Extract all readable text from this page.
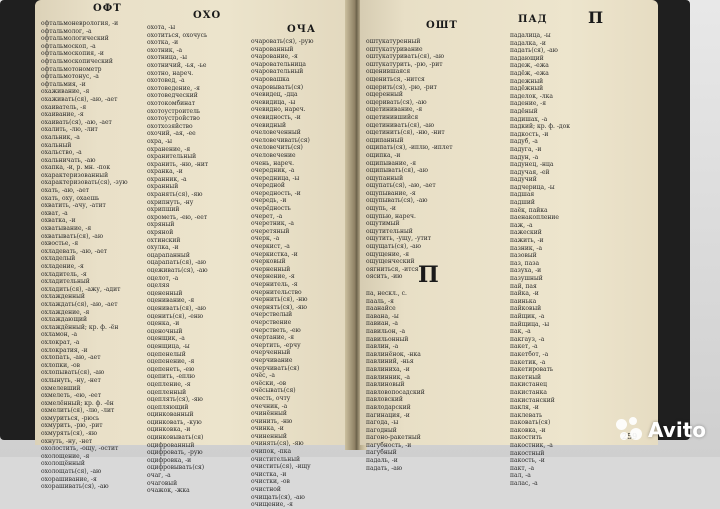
ОФТ
ОХО
ОЧА
офтальмоневрология, -и
офтальмолог, -а
офтальмологический
офтальмоскоп, -а
офтальмоскопия, -и
офтальмоскопический
офтальмотонометр
офтальмотонус, -а
офтальмия, -и
охаживание, -я
охаживать(ся), -аю, -ает
охаиватель, -я
охаивание, -я
охаивать(ся), -аю, -ает
охалить, -лю, -лит
охальник, -а
охальный
охальство, -а
охальничать, -аю
охапка, -и, р. мн. -пок
охарактеризованный
охарактеризовать(ся), -зую
охать, -аю, -ает
охать, оху, охаешь
охватить, -ачу, -атит
охват, -а
охватка, -и
охватывание, -я
охватывать(ся), -аю
охвостье, -я
охладевать, -аю, -ает
охладелый
охладение, -я
охладитель, -я
охладительный
охладить(ся), -ажу, -адит
охлажденный
охлаждать(ся), -аю, -ает
охлаждение, -я
охлаждающий
охлаждённый; кр. ф. -ён
охламон, -а
охлократ, -а
охлократия, -и
охлопать, -аю, -ает
охлопки, -ов
охлопывать(ся), -аю
охлынуть, -ну, -нет
охмелевший
охмелеть, -ею, -еет
охмелённый; кр. ф. -ён
охмелить(ся), -лю, -лит
охмуриться, -рюсь
охмурить, -рю, -рит
охмурять(ся), -яю
охнуть, -ну, -нет
охолостить, -ощу, -остит
охолощение, -я
охолощённый
охолощать(ся), -аю
охорашивание, -я
охорашивать(ся), -аю
охота, -ы
охотиться, охочусь
охотка, -и
охотник, -а
охотница, -ы
охотничий, -ья, -ье
охотно, нареч.
охотовед, -а
охотоведение, -я
охотоведческий
охотокомбинат
охотоустроитель
охотоустройство
охотхозяйство
охочий, -ая, -ее
охра, -ы
охранение, -я
охранительный
охранить, -ню, -нит
охранка, -и
охранник, -а
охранный
охранять(ся), -яю
охрипнуть, -ну
охрипший
охрометь, -ею, -еет
охряный
охряной
охтинский
охулка, -и
оцарапанный
оцарапать(ся), -аю
оцеживать(ся), -аю
оцелот, -а
оцеляя
оцененный
оценивание, -я
оценивать(ся), -аю
оценить(ся), -еню
оценка, -и
оценочный
оценщик, -а
оценщица, -ы
оцепенелый
оцепенение, -я
оцепенеть, -ею
оцепить, -еплю
оцепление, -я
оцепленный
оцеплять(ся), -яю
оцепляющий
оцинкованный
оцинковать, -кую
оцинковка, -и
оцинковывать(ся)
оцифрованный
оцифровать, -рую
оцифровка, -и
оцифровывать(ся)
очаг, -а
очаговый
очажок, -жка
очаровать(ся), -рую
очарованный
очарование, -я
очаровательница
очаровательный
очаровашка
очаровывать(ся)
очевидец, -дца
очевидица, -ы
очевидно, нареч.
очевидность, -и
очевидный
очеловеченный
очеловечивать(ся)
очеловечить(ся)
очеловечение
очень, нареч.
очередник, -а
очередница, -ы
очередной
очередность, -и
очередь, -и
очерёдность
очерет, -а
очеретник, -а
очеретяный
очерк, -а
очеркист, -а
очеркистка, -и
очерковый
очерненный
очернение, -я
очернитель, -я
очернительство
очернить(ся), -ню
очернять(ся), -яю
очерствелый
очерствение
очерстветь, -ею
очертание, -я
очертить, -ерчу
очерченный
очерчивание
очерчивать(ся)
очёс, -а
очёски, -ов
очёсывать(ся)
очесть, очту
очечник, -а
очинённый
очинить, -ню
очинка, -и
очиненный
очинять(ся), -яю
очипок, -пка
очистительный
очистить(ся), -ищу
очистка, -и
очистки, -ов
очистной
очищать(ся), -аю
очищение, -я
ОШТ
ПАД	П
оштукатуренный
оштукатуривание
оштукатуривать(ся), -аю
оштукатурить, -рю, -рит
ощенившаяся
ощениться, -нится
ощерить(ся), -рю, -рит
ощеренный
ощеривать(ся), -аю
ощетинивание, -я
ощетинившийся
ощетинивать(ся), -аю
ощетинить(ся), -ню, -нит
ощипанный
ощипать(ся), -иплю, -иплет
ощипка, -и
ощипывание, -я
ощипывать(ся), -аю
ощупанный
ощупать(ся), -аю, -ает
ощупывание, -я
ощупывать(ся), -аю
ощупь, -и
ощупью, нареч.
ощутимый
ощутительный
ощутить, -ущу, -утит
ощущать(ся), -аю
ощущение, -я
ощущенческий
оягниться, -ится
оясить, -ию

П
па, нескл., с.
пааль, -я
паанайсе
павана, -ы
павиан, -а
павильон, -а
павильонный
павлин, -а
павлинёнок, -нка
павлиний, -нья
павлиниха, -и
павлинник, -а
павлиновый
павловопосадский
павловский
павлодарский
пагинация, -и
пагода, -ы
пагодный
пагоно-ракетный
пагубность, -и
пагубный
падаль, -и
падать, -аю
падалица, -ы
падалка, -и
падать(ся), -аю
падающий
падеж, -ежа
падёж, -ежа
падежный
падёжный
паделок, -лка
падение, -я
падёный
падишах, -а
падкий; кр. ф. -док
падкость, -и
падуб, -а
падуга, -и
падун, -а
падунец, -нца
падучая, -ей
падучий
падчерица, -ы
падшая
падший
паёк, пайка
паенакопление
паж, -а
пажеский
пажить, -и
пазник, -а
пазовый
паз, паза
пазуха, -и
пазушный
пай, пая
пайка, -и
паинька
пайковый
пайщик, -а
пайщица, -ы
пак, -а
пакгауз, -а
пакет, -а
пакетбот, -а
пакетик, -а
пакетировать
пакетный
пакистанец
пакистанка
пакистанский
пакля, -и
паклевать
паковать(ся)
паковка, -и
пакостить
пакостник, -а
пакостный
пакость, -и
пакт, -а
пал, -а
палас, -а
Avito
